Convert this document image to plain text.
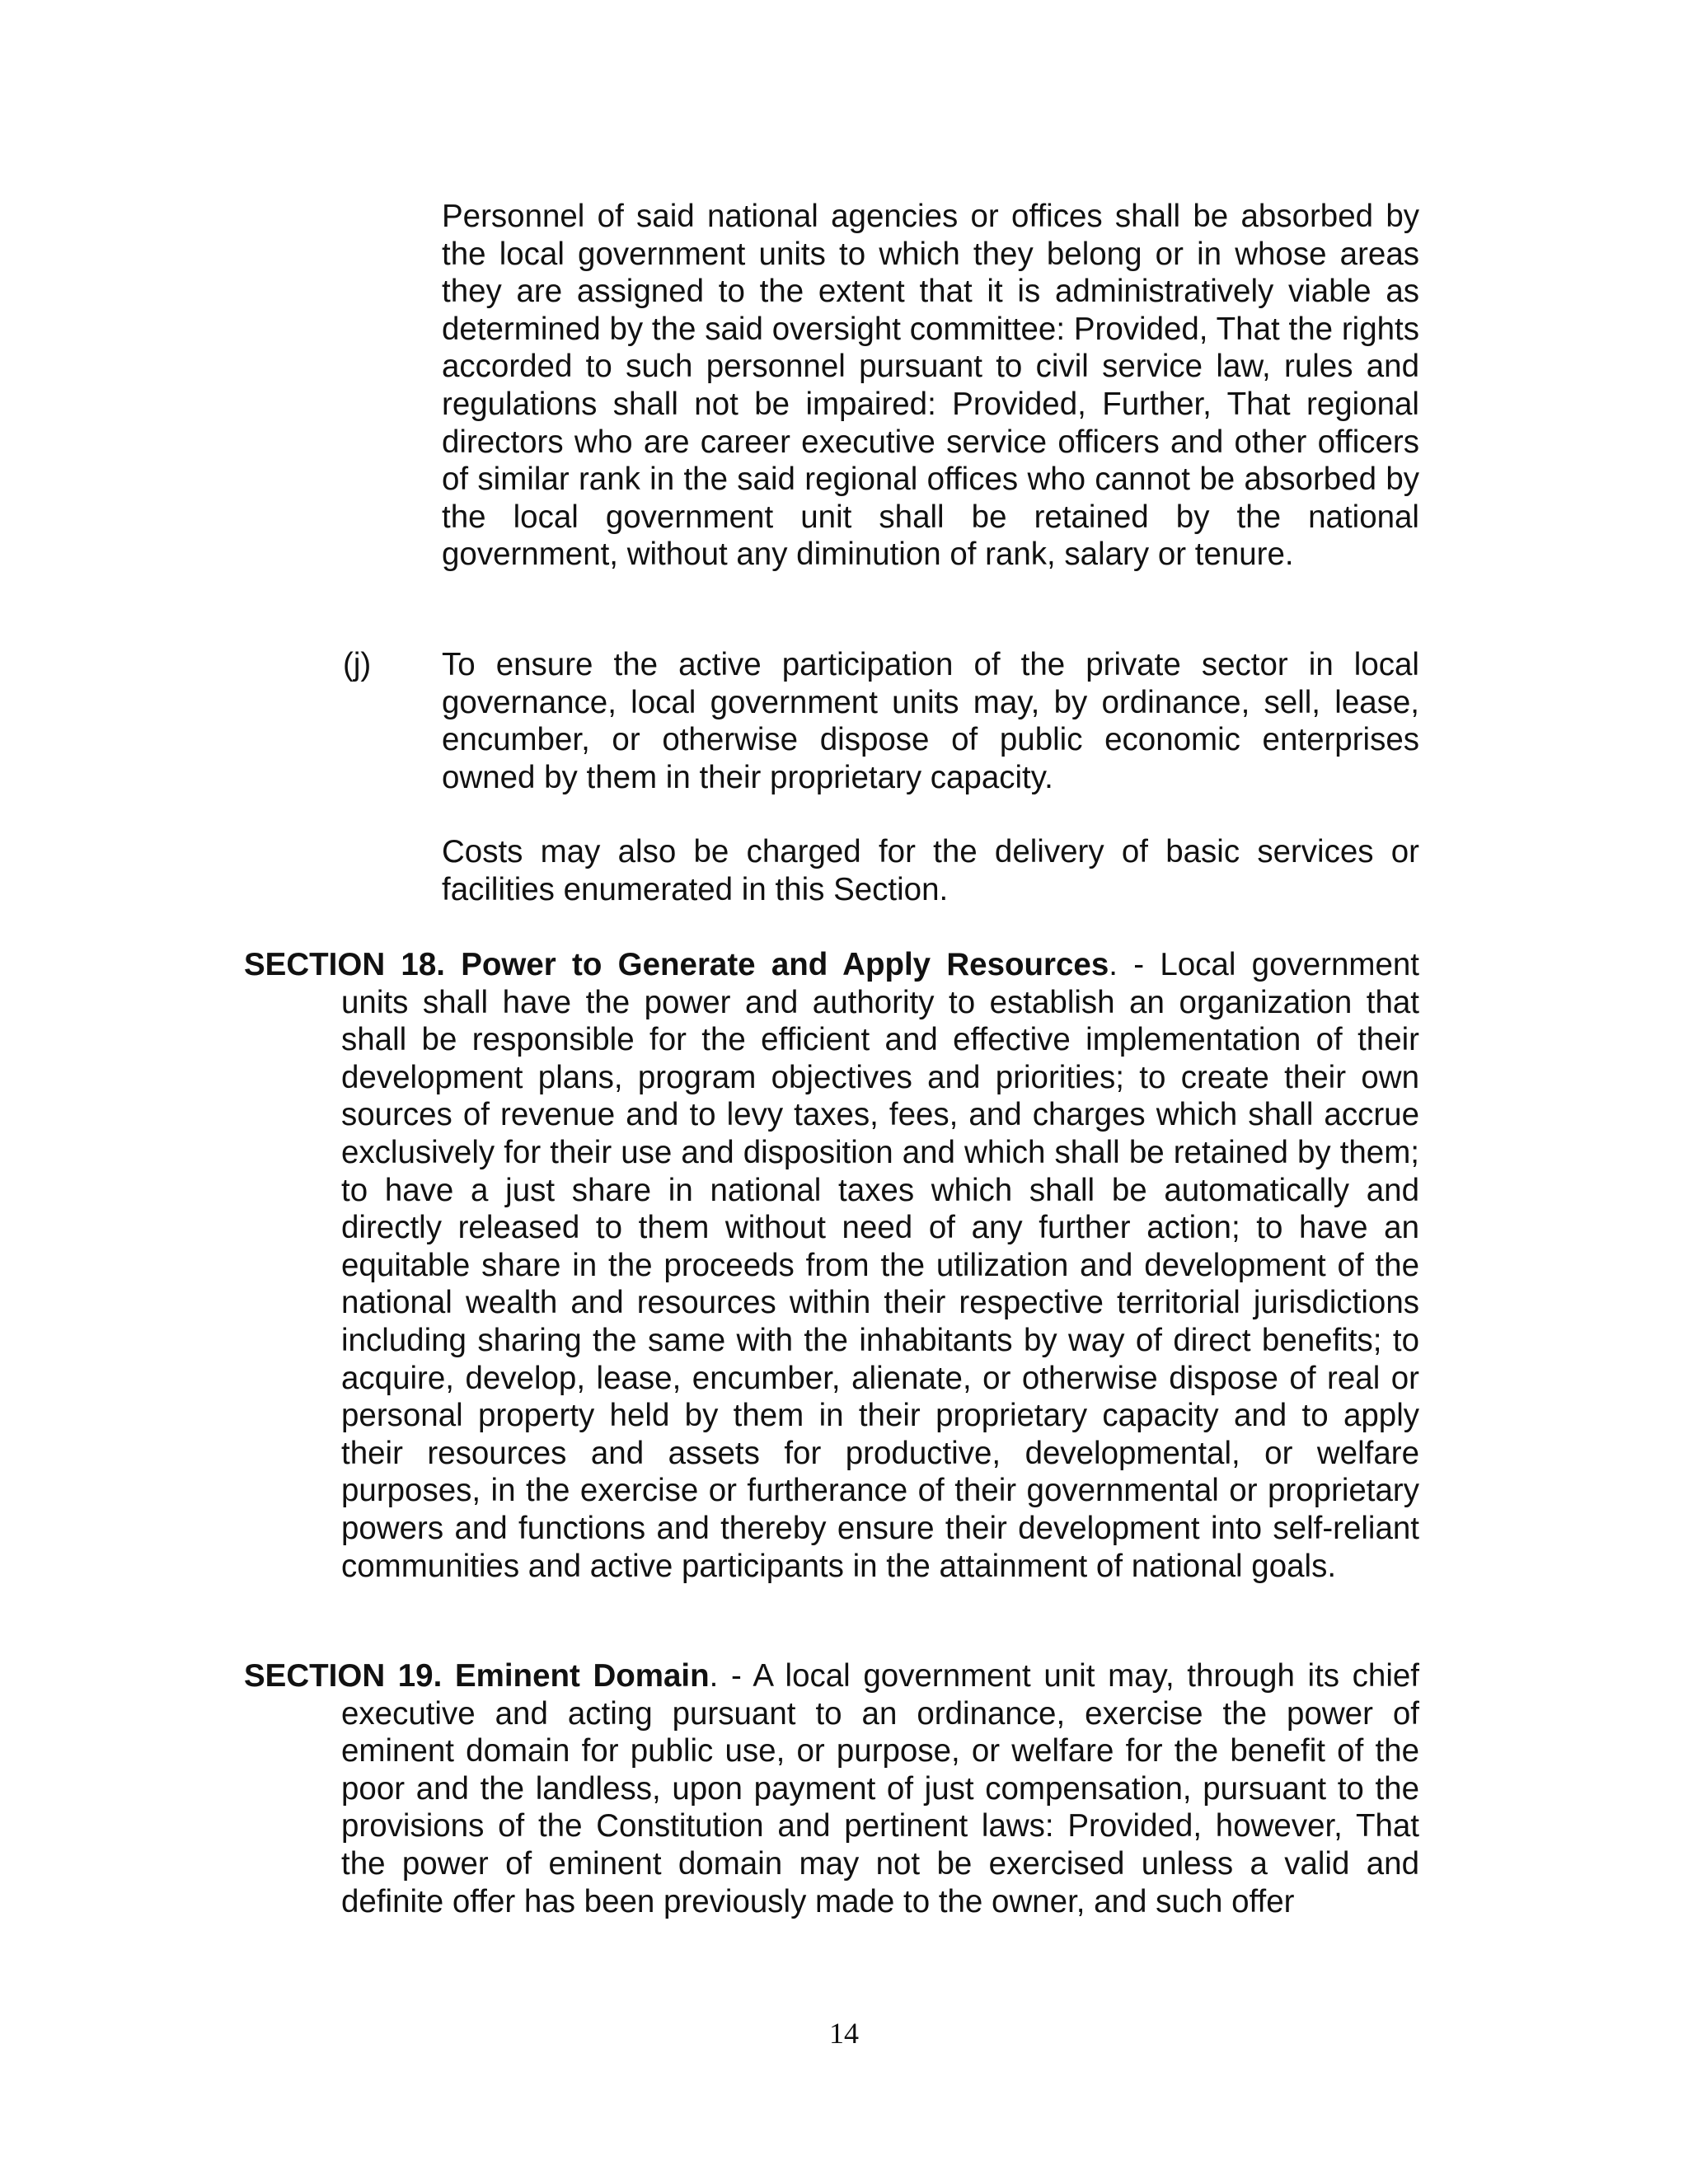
Personnel of said national agencies or offices shall be absorbed by the local government units to which they belong or in whose areas they are assigned to the extent that it is administratively viable as determined by the said oversight committee: Provided, That the rights accorded to such personnel pursuant to civil service law, rules and regulations shall not be impaired: Provided, Further, That regional directors who are career executive service officers and other officers of similar rank in the said regional offices who cannot be absorbed by the local government unit shall be retained by the national government, without any diminution of rank, salary or tenure.

(j) To ensure the active participation of the private sector in local governance, local government units may, by ordinance, sell, lease, encumber, or otherwise dispose of public economic enterprises owned by them in their proprietary capacity.

Costs may also be charged for the delivery of basic services or facilities enumerated in this Section.

SECTION 18. Power to Generate and Apply Resources. - Local government units shall have the power and authority to establish an organization that shall be responsible for the efficient and effective implementation of their development plans, program objectives and priorities; to create their own sources of revenue and to levy taxes, fees, and charges which shall accrue exclusively for their use and disposition and which shall be retained by them; to have a just share in national taxes which shall be automatically and directly released to them without need of any further action; to have an equitable share in the proceeds from the utilization and development of the national wealth and resources within their respective territorial jurisdictions including sharing the same with the inhabitants by way of direct benefits; to acquire, develop, lease, encumber, alienate, or otherwise dispose of real or personal property held by them in their proprietary capacity and to apply their resources and assets for productive, developmental, or welfare purposes, in the exercise or furtherance of their governmental or proprietary powers and functions and thereby ensure their development into self-reliant communities and active participants in the attainment of national goals.

SECTION 19. Eminent Domain. - A local government unit may, through its chief executive and acting pursuant to an ordinance, exercise the power of eminent domain for public use, or purpose, or welfare for the benefit of the poor and the landless, upon payment of just compensation, pursuant to the provisions of the Constitution and pertinent laws: Provided, however, That the power of eminent domain may not be exercised unless a valid and definite offer has been previously made to the owner, and such offer

14
